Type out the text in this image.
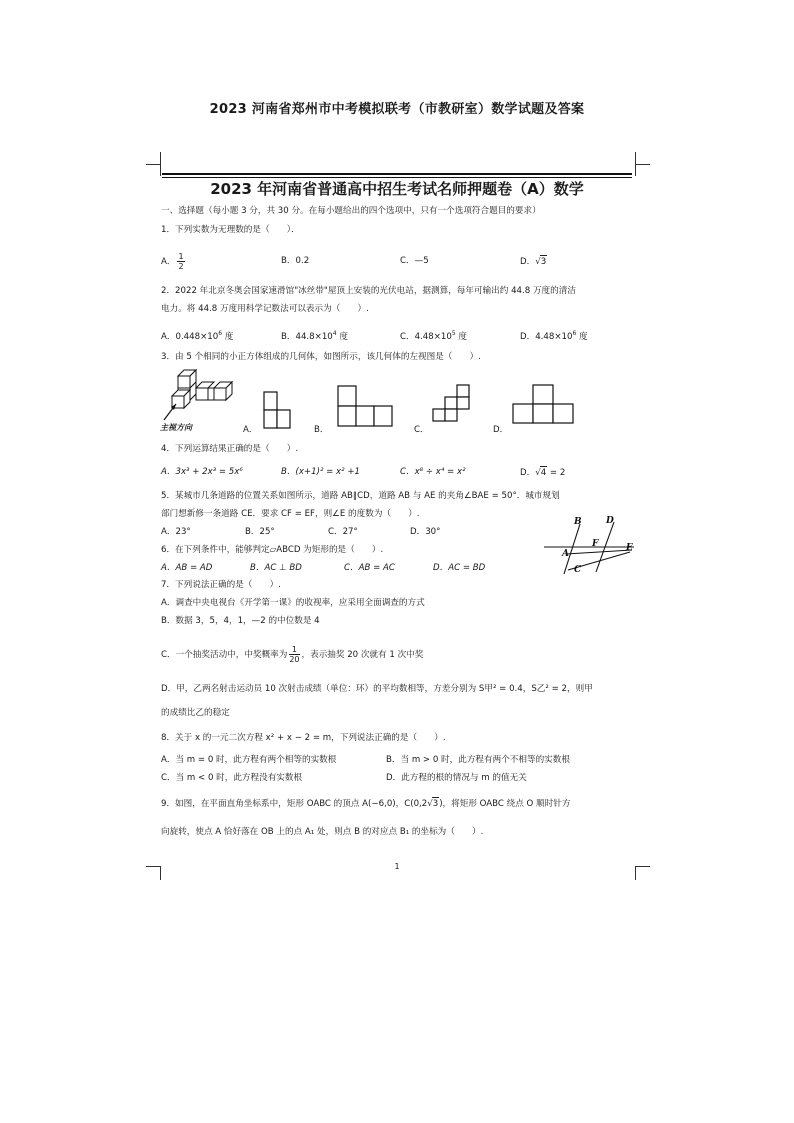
2023 河南省郑州市中考模拟联考（市教研室）数学试题及答案
2023 年河南省普通高中招生考试名师押题卷（A）数学
一、选择题（每小题 3 分，共 30 分。在每小题给出的四个选项中，只有一个选项符合题目的要求）
1．下列实数为无理数的是（　　）．
A． $\frac{1}{2}$	B．0.2	C．—5	D．√3
2．2022 年北京冬奥会国家速滑馆"冰丝带"屋顶上安装的光伏电站，据测算，每年可输出约 44.8 万度的清洁
电力。将 44.8 万度用科学记数法可以表示为（　　）.
A．$0.448\times 10^6$ 度	B．$44.8\times 10^4$ 度	C．$4.48\times 10^5$ 度	D．$4.48\times 10^6$ 度
3．由 5 个相同的小正方体组成的几何体，如图所示，该几何体的左视图是（　　）.
主视方向	A．	B．	C．	D．
4．下列运算结果正确的是（　　）.
A．3x³ + 2x³ = 5x⁶	B．(x+1)² = x² +1	C．x⁸ ÷ x⁴ = x²	D．√4 = 2
5．某城市几条道路的位置关系如图所示，道路 AB∥CD，道路 AB 与 AE 的夹角∠BAE = 50°．城市规划
部门想新修一条道路 CE．要求 CF = EF，则∠E 的度数为（　　）.
A．23°	B．25°	C．27°	D．30°
B	D
A
F	E
C
6．在下列条件中，能够判定▱ABCD 为矩形的是（　　）.
A．AB = AD	B．AC ⊥ BD	C．AB = AC	D．AC = BD
7．下列说法正确的是（　　）.
A．调查中央电视台《开学第一课》的收视率，应采用全面调查的方式
B．数据 3，5，4，1，—2 的中位数是 4
C．一个抽奖活动中，中奖概率为 $\frac{1}{20}$ ，表示抽奖 20 次就有 1 次中奖
D．甲，乙两名射击运动员 10 次射击成绩（单位：环）的平均数相等，方差分别为 S甲² = 0.4，S乙² = 2，则甲
的成绩比乙的稳定
8．关于 x 的一元二次方程 x² + x − 2 = m，下列说法正确的是（　　）.
A．当 m = 0 时，此方程有两个相等的实数根	B．当 m > 0 时，此方程有两个不相等的实数根
C．当 m < 0 时，此方程没有实数根	D．此方程的根的情况与 m 的值无关
9．如图，在平面直角坐标系中，矩形 OABC 的顶点 A(−6,0)，C(0,2√3)，将矩形 OABC 绕点 O 顺时针方
向旋转，使点 A 恰好落在 OB 上的点 A₁ 处，则点 B 的对应点 B₁ 的坐标为（　　）.
1
